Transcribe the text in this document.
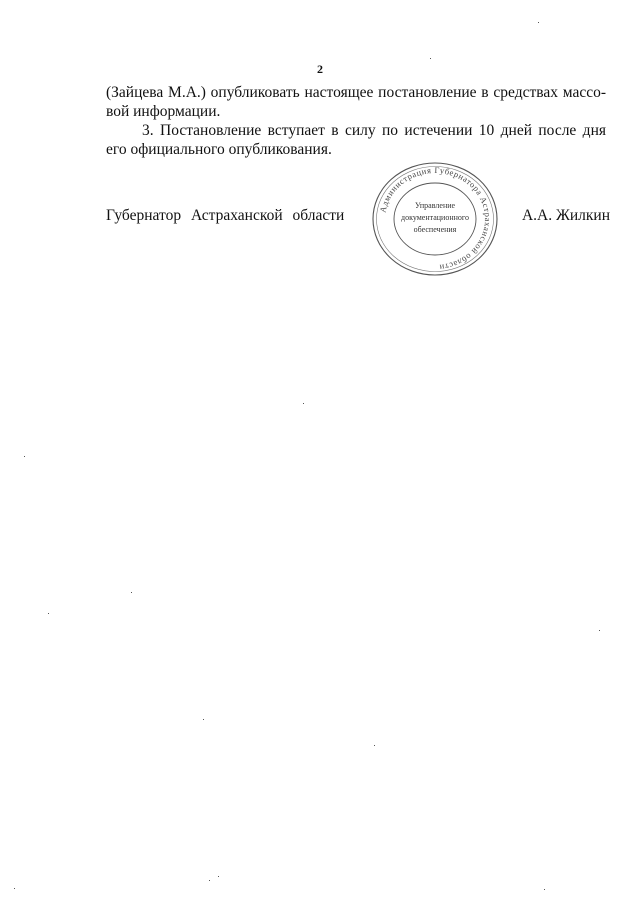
2
(Зайцева М.А.) опубликовать настоящее постановление в средствах массо-
вой информации.
3. Постановление вступает в силу по истечении 10 дней после дня
его официального опубликования.
Губернатор Астраханской области	Администрация Губернатора Астраханской области
Управление
документационного
обеспечения
А.А. Жилкин
